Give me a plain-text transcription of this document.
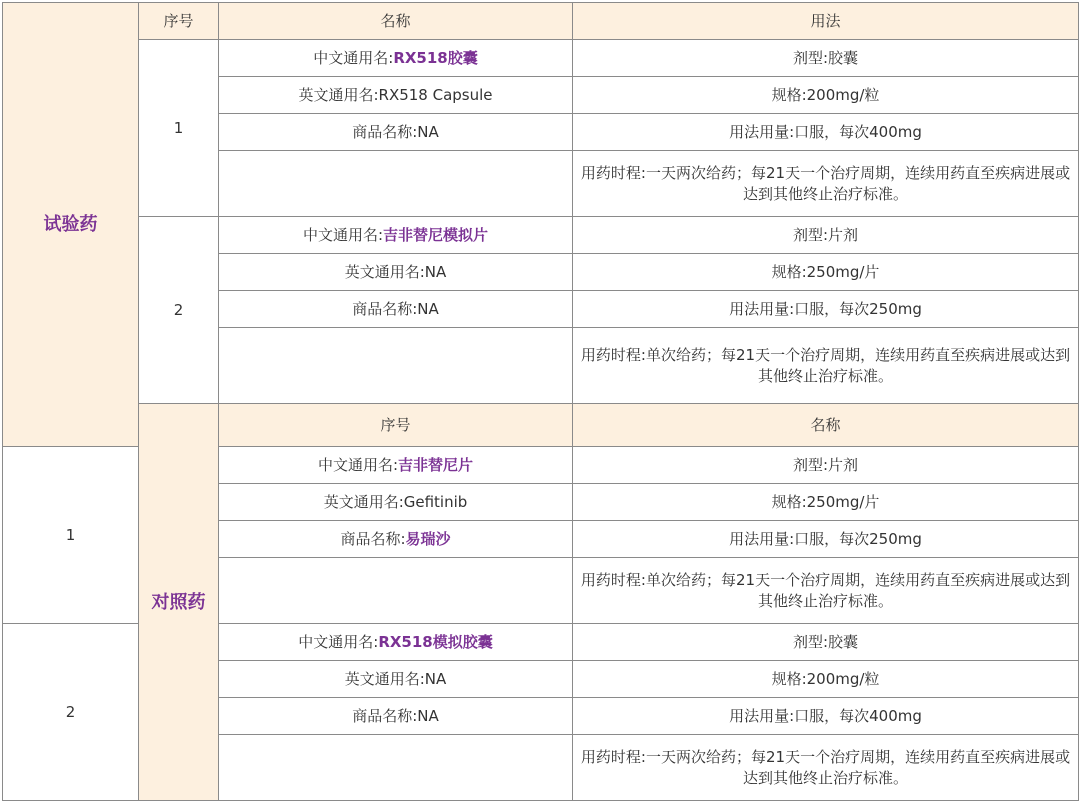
试验药	序号	名称	用法	
	1	中文通用名:RX518胶囊	剂型:胶囊	
		英文通用名:RX518 Capsule	规格:200mg/粒	
		商品名称:NA	用法用量:口服，每次400mg	
			用药时程:一天两次给药；每21天一个治疗周期，连续用药直至疾病进展或达到其他终止治疗标准。	
	2	中文通用名:吉非替尼模拟片	剂型:片剂	
		英文通用名:NA	规格:250mg/片	
		商品名称:NA	用法用量:口服，每次250mg	
			用药时程:单次给药；每21天一个治疗周期，连续用药直至疾病进展或达到其他终止治疗标准。	
	对照药	序号	名称	
1		中文通用名:吉非替尼片	剂型:片剂	
		英文通用名:Gefitinib	规格:250mg/片	
		商品名称:易瑞沙	用法用量:口服，每次250mg	
			用药时程:单次给药；每21天一个治疗周期，连续用药直至疾病进展或达到其他终止治疗标准。	
2		中文通用名:RX518模拟胶囊	剂型:胶囊	
		英文通用名:NA	规格:200mg/粒	
		商品名称:NA	用法用量:口服，每次400mg	
			用药时程:一天两次给药；每21天一个治疗周期，连续用药直至疾病进展或达到其他终止治疗标准。	
